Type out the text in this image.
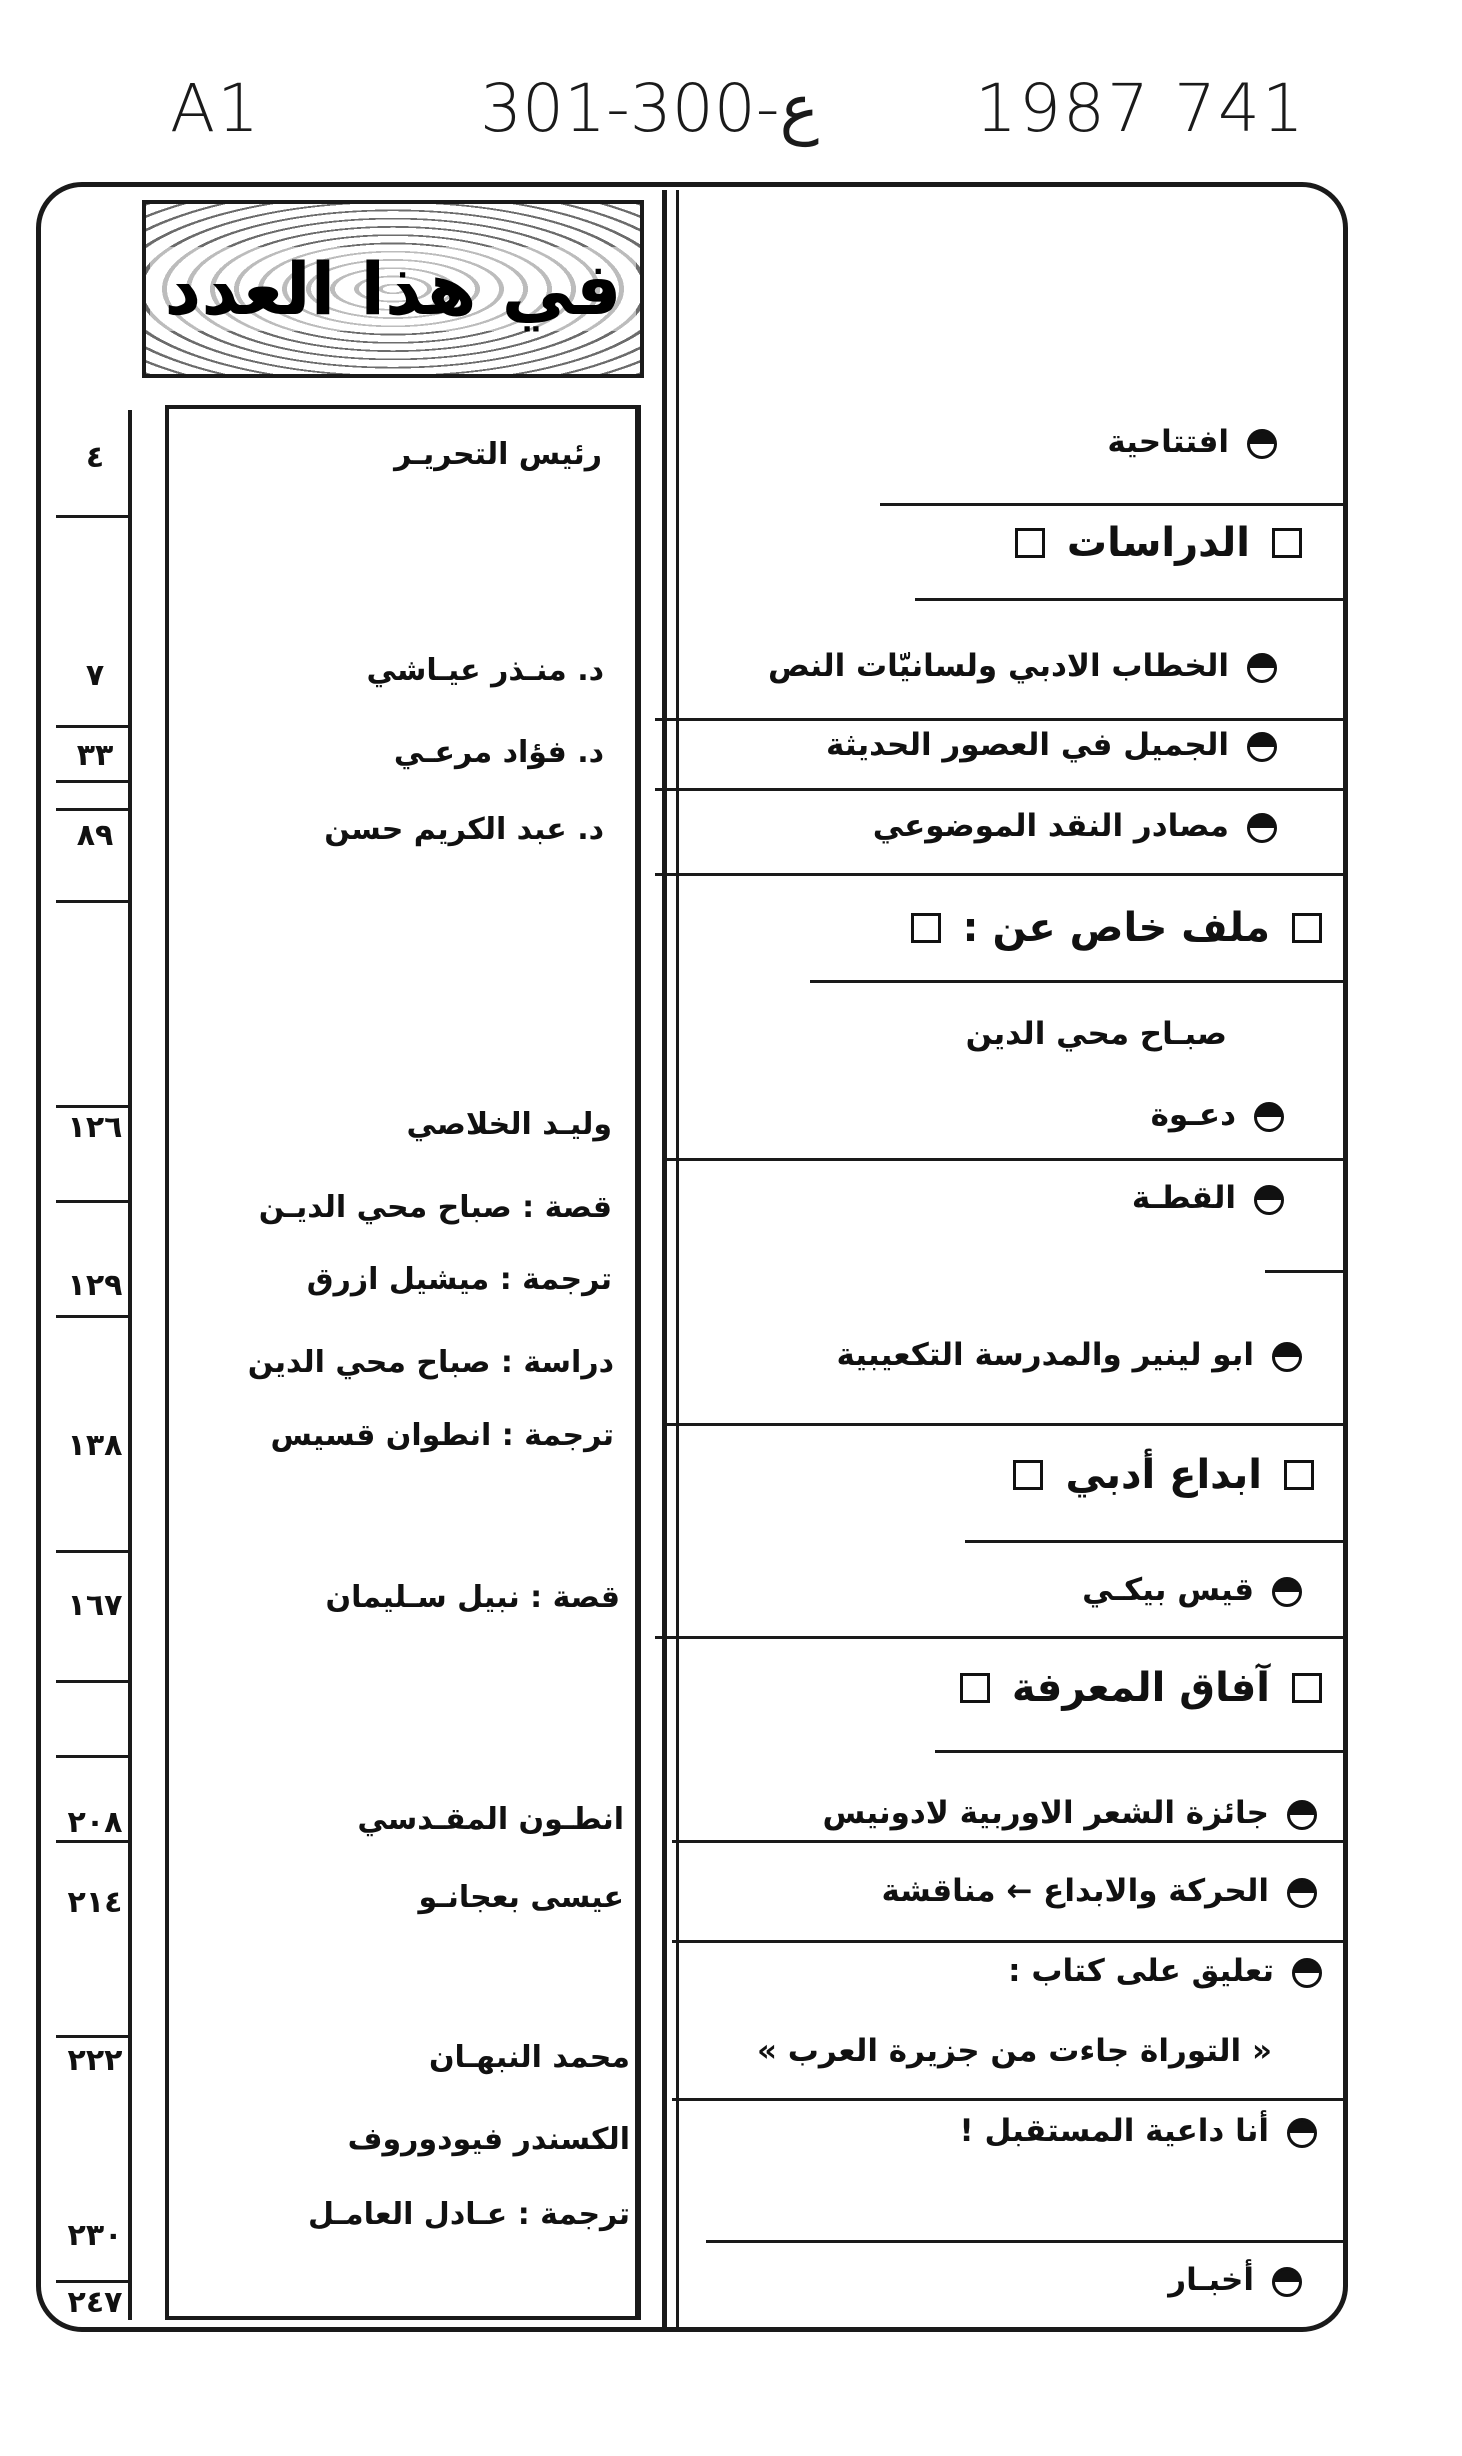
A1	301-300-ع 1987 741
في هذا العدد
الدراسات
ملف خاص عن :
ابداع أدبي
آفاق المعرفة
افتتاحية
رئيس التحريـر
٤
الخطاب الادبي ولسانيّات النص
د. منـذر عيـاشي
٧
الجميل في العصور الحديثة
د. فؤاد مرعـي
٣٣
مصادر النقد الموضوعي
د. عبد الكريم حسن
٨٩
صبـاح محي الدين
دعـوة
وليـد الخلاصي
١٢٦
القطـة
قصة : صباح محي الديـن
ترجمة : ميشيل ازرق
١٢٩
ابو لينير والمدرسة التكعيبية
دراسة : صباح محي الدين
ترجمة : انطوان قسيس
١٣٨
قيس بيكـي
قصة : نبيل سـليمان
١٦٧
جائزة الشعر الاوربية لادونيس
انطـون المقـدسي
٢٠٨
الحركة والابداع ← مناقشة
عيسى بعجانـو
٢١٤
تعليق على كتاب :
« التوراة جاءت من جزيرة العرب »
محمد النبهـان
٢٢٢
أنا داعية المستقبل !
الكسندر فيودوروف
ترجمة : عـادل العامـل
٢٣٠
أخبـار
٢٤٧
